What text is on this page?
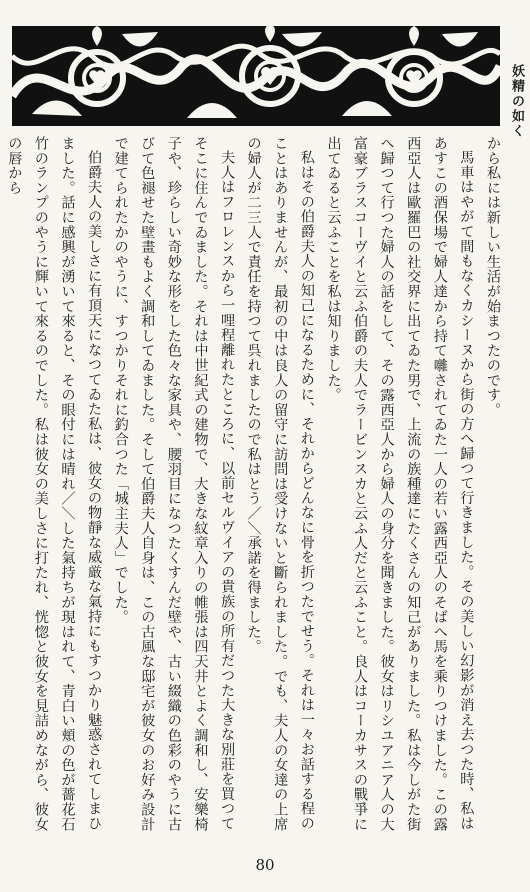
妖精の如く

から私には新しい生活が始まつたのです。

馬車はやがて間もなくカシーヌから街の方へ歸つて行きました。その美しい幻影が消え去つた時、私はあすこの酒保場で婦人達から持て囃されてゐた一人の若い露西亞人のそばへ馬を乘りつけました。この露西亞人は歐羅巴の社交界に出てゐた男で、上流の族種達にたくさんの知己がありました。私は今しがた街へ歸つて行つた婦人の話をして、その露西亞人から婦人の身分を聞きました。彼女はリシユアニア人の大富豪ブラスコーヴイと云ふ伯爵の夫人でラービンスカと云ふ人だと云ふこと。良人はコーカサスの戰爭に出てゐると云ふことを私は知りました。

私はその伯爵夫人の知己になるために、それからどんなに骨を折つたでせう。それは一々お話する程のことはありませんが、最初の中は良人の留守に訪問は受けないと斷られました。でも、夫人の女達の上席の婦人が二三人で責任を持つて呉れましたので私はとう／＼承諾を得ました。

夫人はフロレンスから一哩程離れたところに、以前セルヴイアの貴族の所有だつた大きな別莊を買つてそこに住んでゐました。それは中世紀式の建物で、大きな紋章入りの帷張は四天井とよく調和し、安樂椅子や、珍らしい奇妙な形をした色々な家具や、腰羽目になつたくすんだ壁や、古い綴織の色彩のやうに古びて色褪せた壁畫もよく調和してゐました。そして伯爵夫人自身は、この古風な邸宅が彼女のお好み設計で建てられたかのやうに、すつかりそれに釣合つた「城主夫人」でした。

伯爵夫人の美しさに有頂天になつてゐた私は、彼女の物靜な威厳な氣持にもすつかり魅惑されてしまひました。話に感興が湧いて來ると、その眼付には晴れ／＼した氣持ちが現はれて、青白い頬の色が薔花石竹のランプのやうに輝いて來るのでした。私は彼女の美しさに打たれ、恍惚と彼女を見詰めながら、彼女の唇から

80
